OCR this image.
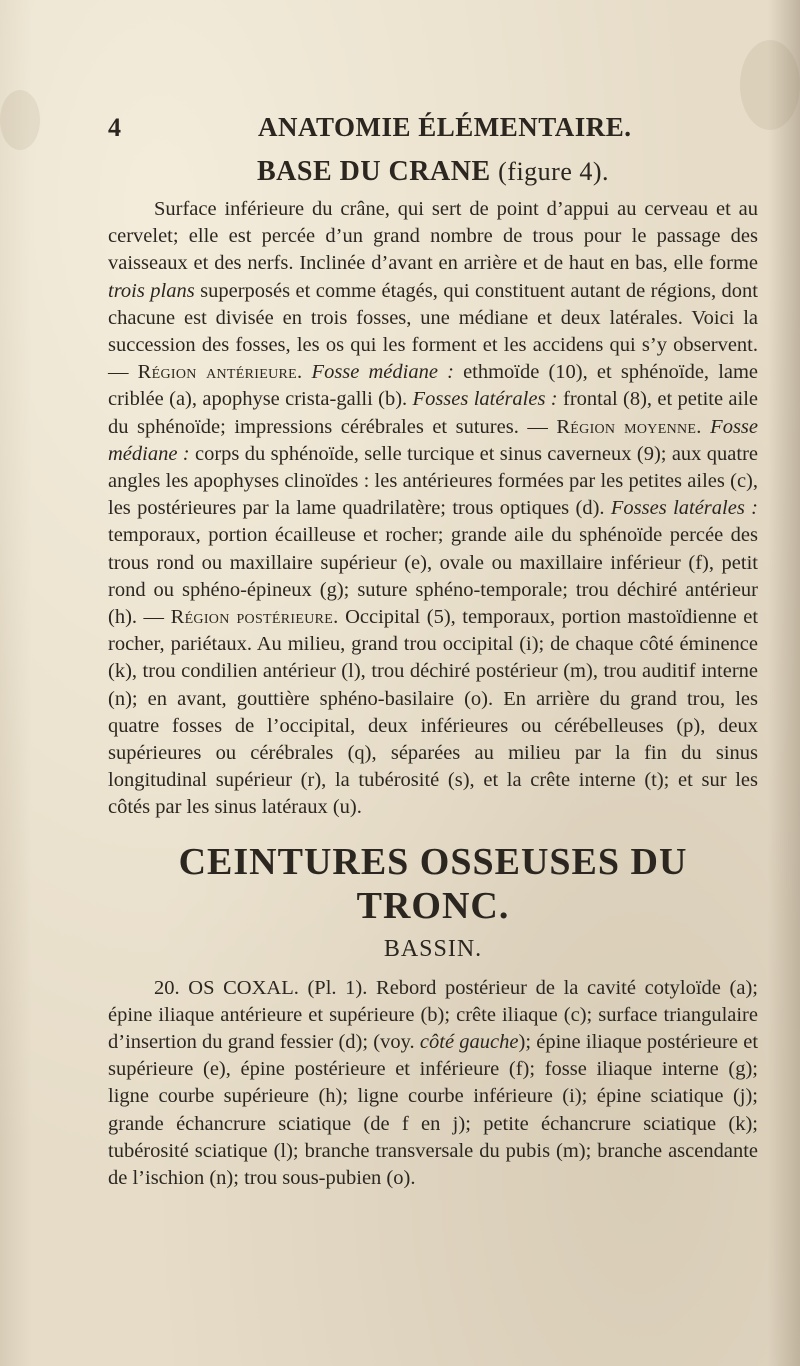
4	ANATOMIE ÉLÉMENTAIRE.
BASE DU CRANE (figure 4).

Surface inférieure du crâne, qui sert de point d’appui au cerveau et au cervelet; elle est percée d’un grand nombre de trous pour le passage des vaisseaux et des nerfs. Inclinée d’avant en arrière et de haut en bas, elle forme trois plans superposés et comme étagés, qui constituent autant de régions, dont chacune est divisée en trois fosses, une médiane et deux latérales. Voici la succession des fosses, les os qui les forment et les accidens qui s’y observent. — Région antérieure. Fosse médiane : ethmoïde (10), et sphénoïde, lame criblée (a), apophyse crista-galli (b). Fosses latérales : frontal (8), et petite aile du sphénoïde; impressions cérébrales et sutures. — Région moyenne. Fosse médiane : corps du sphénoïde, selle turcique et sinus caverneux (9); aux quatre angles les apophyses clinoïdes : les antérieures formées par les petites ailes (c), les postérieures par la lame quadrilatère; trous optiques (d). Fosses latérales : temporaux, portion écailleuse et rocher; grande aile du sphénoïde percée des trous rond ou maxillaire supérieur (e), ovale ou maxillaire inférieur (f), petit rond ou sphéno-épineux (g); suture sphéno-temporale; trou déchiré antérieur (h). — Région postérieure. Occipital (5), temporaux, portion mastoïdienne et rocher, pariétaux. Au milieu, grand trou occipital (i); de chaque côté éminence (k), trou condilien antérieur (l), trou déchiré postérieur (m), trou auditif interne (n); en avant, gouttière sphéno-basilaire (o). En arrière du grand trou, les quatre fosses de l’occipital, deux inférieures ou cérébelleuses (p), deux supérieures ou cérébrales (q), séparées au milieu par la fin du sinus longitudinal supérieur (r), la tubérosité (s), et la crête interne (t); et sur les côtés par les sinus latéraux (u).

CEINTURES OSSEUSES DU TRONC.
BASSIN.

20. OS COXAL. (Pl. 1). Rebord postérieur de la cavité cotyloïde (a); épine iliaque antérieure et supérieure (b); crête iliaque (c); surface triangulaire d’insertion du grand fessier (d); (voy. côté gauche); épine iliaque postérieure et supérieure (e), épine postérieure et inférieure (f); fosse iliaque interne (g); ligne courbe supérieure (h); ligne courbe inférieure (i); épine sciatique (j); grande échancrure sciatique (de f en j); petite échancrure sciatique (k); tubérosité sciatique (l); branche transversale du pubis (m); branche ascendante de l’ischion (n); trou sous-pubien (o).
